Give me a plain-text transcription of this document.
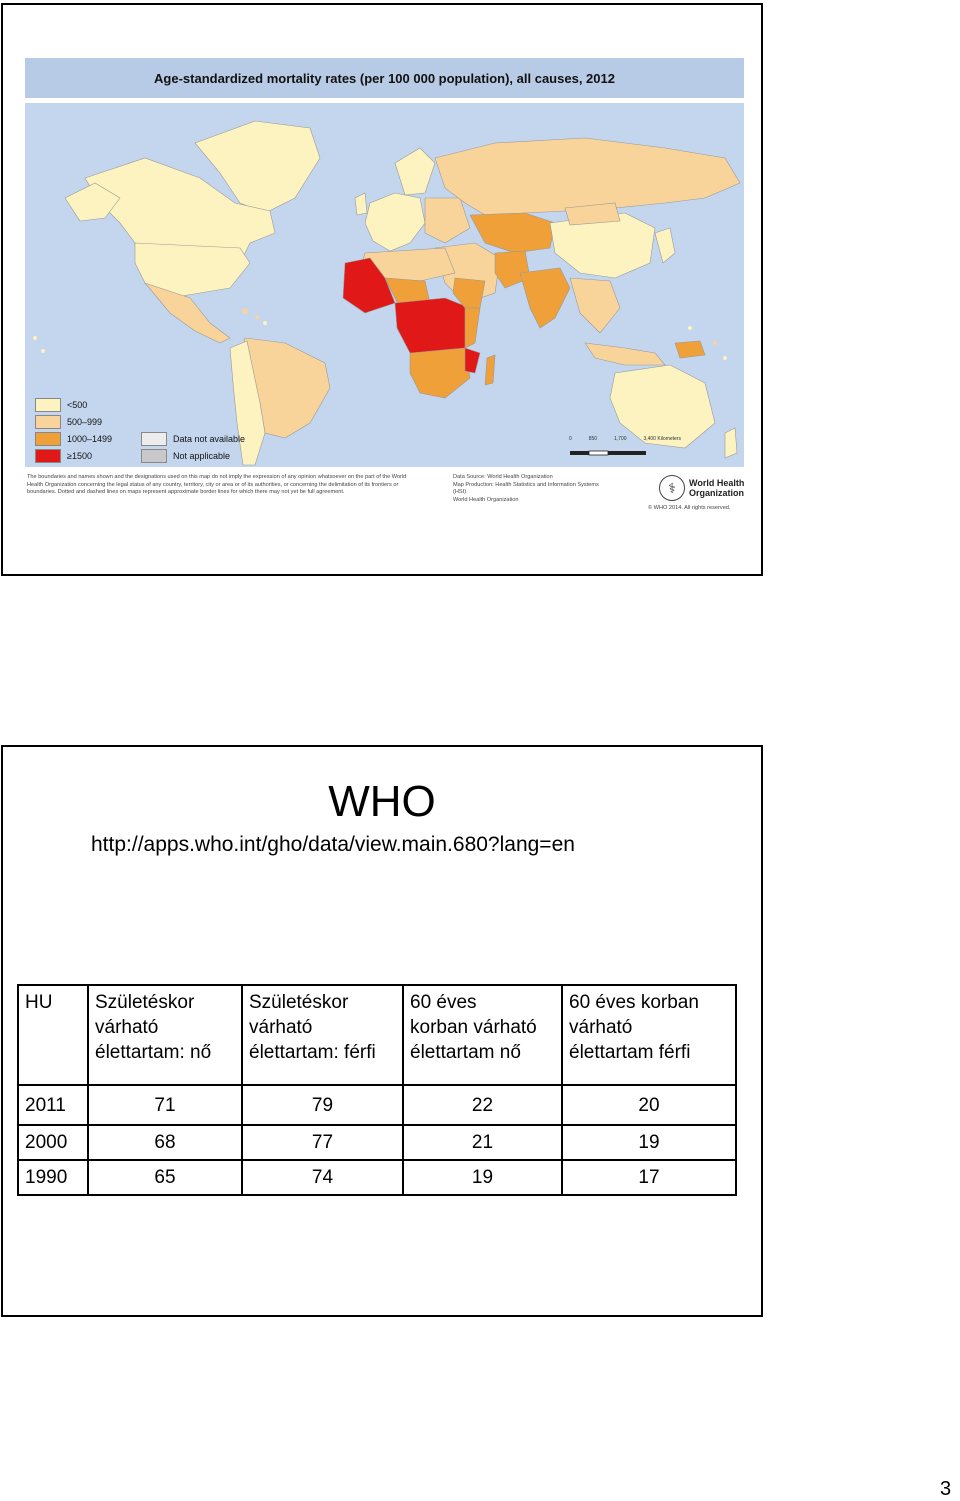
Age-standardized mortality rates (per 100 000 population), all causes, 2012
<500
500–999
1000–1499
≥1500
Data not available
Not applicable
0	850	1,700	3,400 Kilometers
The boundaries and names shown and the designations used on this map do not imply the expression of any opinion whatsoever on the part of the World Health Organization concerning the legal status of any country, territory, city or area or of its authorities, or concerning the delimitation of its frontiers or boundaries. Dotted and dashed lines on maps represent approximate border lines for which there may not yet be full agreement.
Data Source: World Health Organization
Map Production: Health Statistics and Information Systems (HSI)
World Health Organization
⚕	World Health
Organization
© WHO 2014. All rights reserved.
WHO
http://apps.who.int/gho/data/view.main.680?lang=en
HU	Születéskor
várható
élettartam: nő	Születéskor
várható
élettartam: férfi	60 éves
korban várható
élettartam nő	60 éves korban
várható
élettartam férfi
2011	71	79	22	20
2000	68	77	21	19
1990	65	74	19	17
3
